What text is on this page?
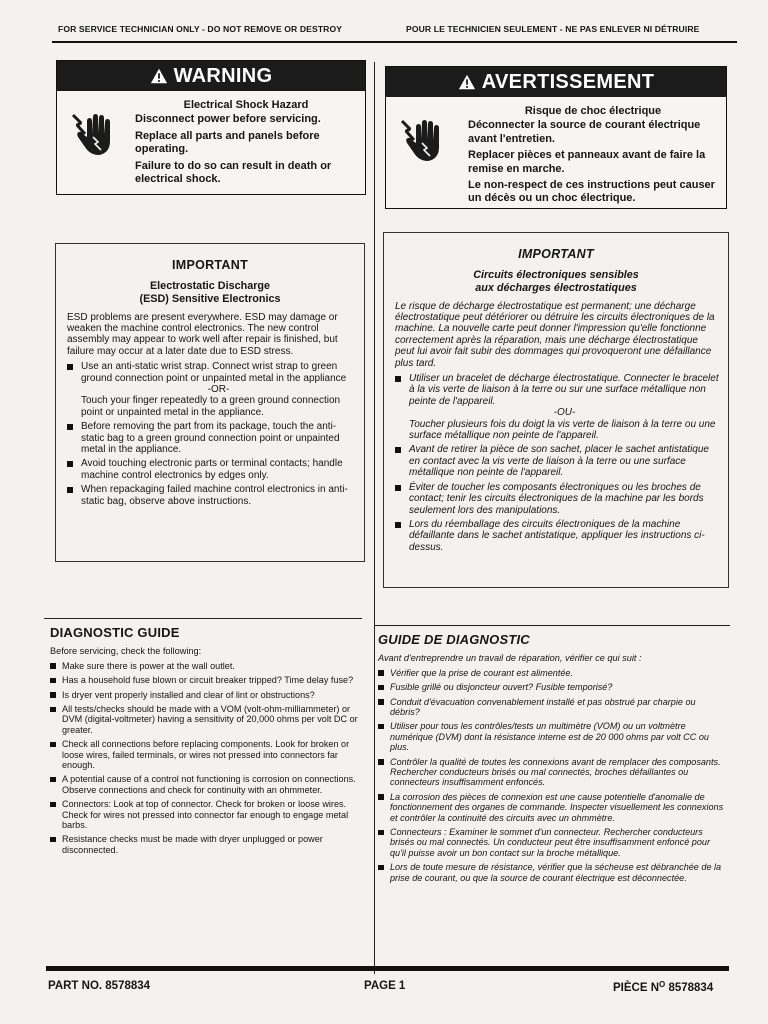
FOR SERVICE TECHNICIAN ONLY - DO NOT REMOVE OR DESTROY	POUR LE TECHNICIEN SEULEMENT - NE PAS ENLEVER NI DÉTRUIRE
WARNING
Electrical Shock Hazard

Disconnect power before servicing.

Replace all parts and panels before operating.

Failure to do so can result in death or electrical shock.

AVERTISSEMENT
Risque de choc électrique

Déconnecter la source de courant électrique avant l'entretien.

Replacer pièces et panneaux avant de faire la remise en marche.

Le non-respect de ces instructions peut causer un décès ou un choc électrique.

IMPORTANT
Electrostatic Discharge
(ESD) Sensitive Electronics

ESD problems are present everywhere. ESD may damage or weaken the machine control electronics. The new control assembly may appear to work well after repair is finished, but failure may occur at a later date due to ESD stress.

Use an anti-static wrist strap. Connect wrist strap to green ground connection point or unpainted metal in the appliance
-OR-
Touch your finger repeatedly to a green ground connection point or unpainted metal in the appliance.
Before removing the part from its package, touch the anti-static bag to a green ground connection point or unpainted metal in the appliance.
Avoid touching electronic parts or terminal contacts; handle machine control electronics by edges only.
When repackaging failed machine control electronics in anti-static bag, observe above instructions.
IMPORTANT
Circuits électroniques sensibles
aux décharges électrostatiques

Le risque de décharge électrostatique est permanent; une décharge électrostatique peut détériorer ou détruire les circuits électroniques de la machine. La nouvelle carte peut donner l'impression qu'elle fonctionne correctement après la réparation, mais une décharge électrostatique peut lui avoir fait subir des dommages qui provoqueront une défaillance plus tard.

Utiliser un bracelet de décharge électrostatique. Connecter le bracelet à la vis verte de liaison à la terre ou sur une surface métallique non peinte de l'appareil.
-OU-
Toucher plusieurs fois du doigt la vis verte de liaison à la terre ou une surface métallique non peinte de l'appareil.
Avant de retirer la pièce de son sachet, placer le sachet antistatique en contact avec la vis verte de liaison à la terre ou une surface métallique non peinte de l'appareil.
Éviter de toucher les composants électroniques ou les broches de contact; tenir les circuits électroniques de la machine par les bords seulement lors des manipulations.
Lors du réemballage des circuits électroniques de la machine défaillante dans le sachet antistatique, appliquer les instructions ci-dessus.
DIAGNOSTIC GUIDE

Before servicing, check the following:

Make sure there is power at the wall outlet.
Has a household fuse blown or circuit breaker tripped? Time delay fuse?
Is dryer vent properly installed and clear of lint or obstructions?
All tests/checks should be made with a VOM (volt-ohm-milliammeter) or DVM (digital-voltmeter) having a sensitivity of 20,000 ohms per volt DC or greater.
Check all connections before replacing components. Look for broken or loose wires, failed terminals, or wires not pressed into connectors far enough.
A potential cause of a control not functioning is corrosion on connections. Observe connections and check for continuity with an ohmmeter.
Connectors: Look at top of connector. Check for broken or loose wires. Check for wires not pressed into connector far enough to engage metal barbs.
Resistance checks must be made with dryer unplugged or power disconnected.
GUIDE DE DIAGNOSTIC

Avant d'entreprendre un travail de réparation, vérifier ce qui suit :

Vérifier que la prise de courant est alimentée.
Fusible grillé ou disjoncteur ouvert? Fusible temporisé?
Conduit d'évacuation convenablement installé et pas obstrué par charpie ou débris?
Utiliser pour tous les contrôles/tests un multimètre (VOM) ou un voltmètre numérique (DVM) dont la résistance interne est de 20 000 ohms par volt CC ou plus.
Contrôler la qualité de toutes les connexions avant de remplacer des composants. Rechercher conducteurs brisés ou mal connectés, broches défaillantes ou connecteurs insuffisamment enfoncés.
La corrosion des pièces de connexion est une cause potentielle d'anomalie de fonctionnement des organes de commande. Inspecter visuellement les connexions et contrôler la continuité des circuits avec un ohmmètre.
Connecteurs : Examiner le sommet d'un connecteur. Rechercher conducteurs brisés ou mal connectés. Un conducteur peut être insuffisamment enfoncé pour qu'il puisse avoir un bon contact sur la broche métallique.
Lors de toute mesure de résistance, vérifier que la sécheuse est débranchée de la prise de courant, ou que la source de courant électrique est déconnectée.
PART NO. 8578834	PAGE 1	PIÈCE $N^O$ 8578834
